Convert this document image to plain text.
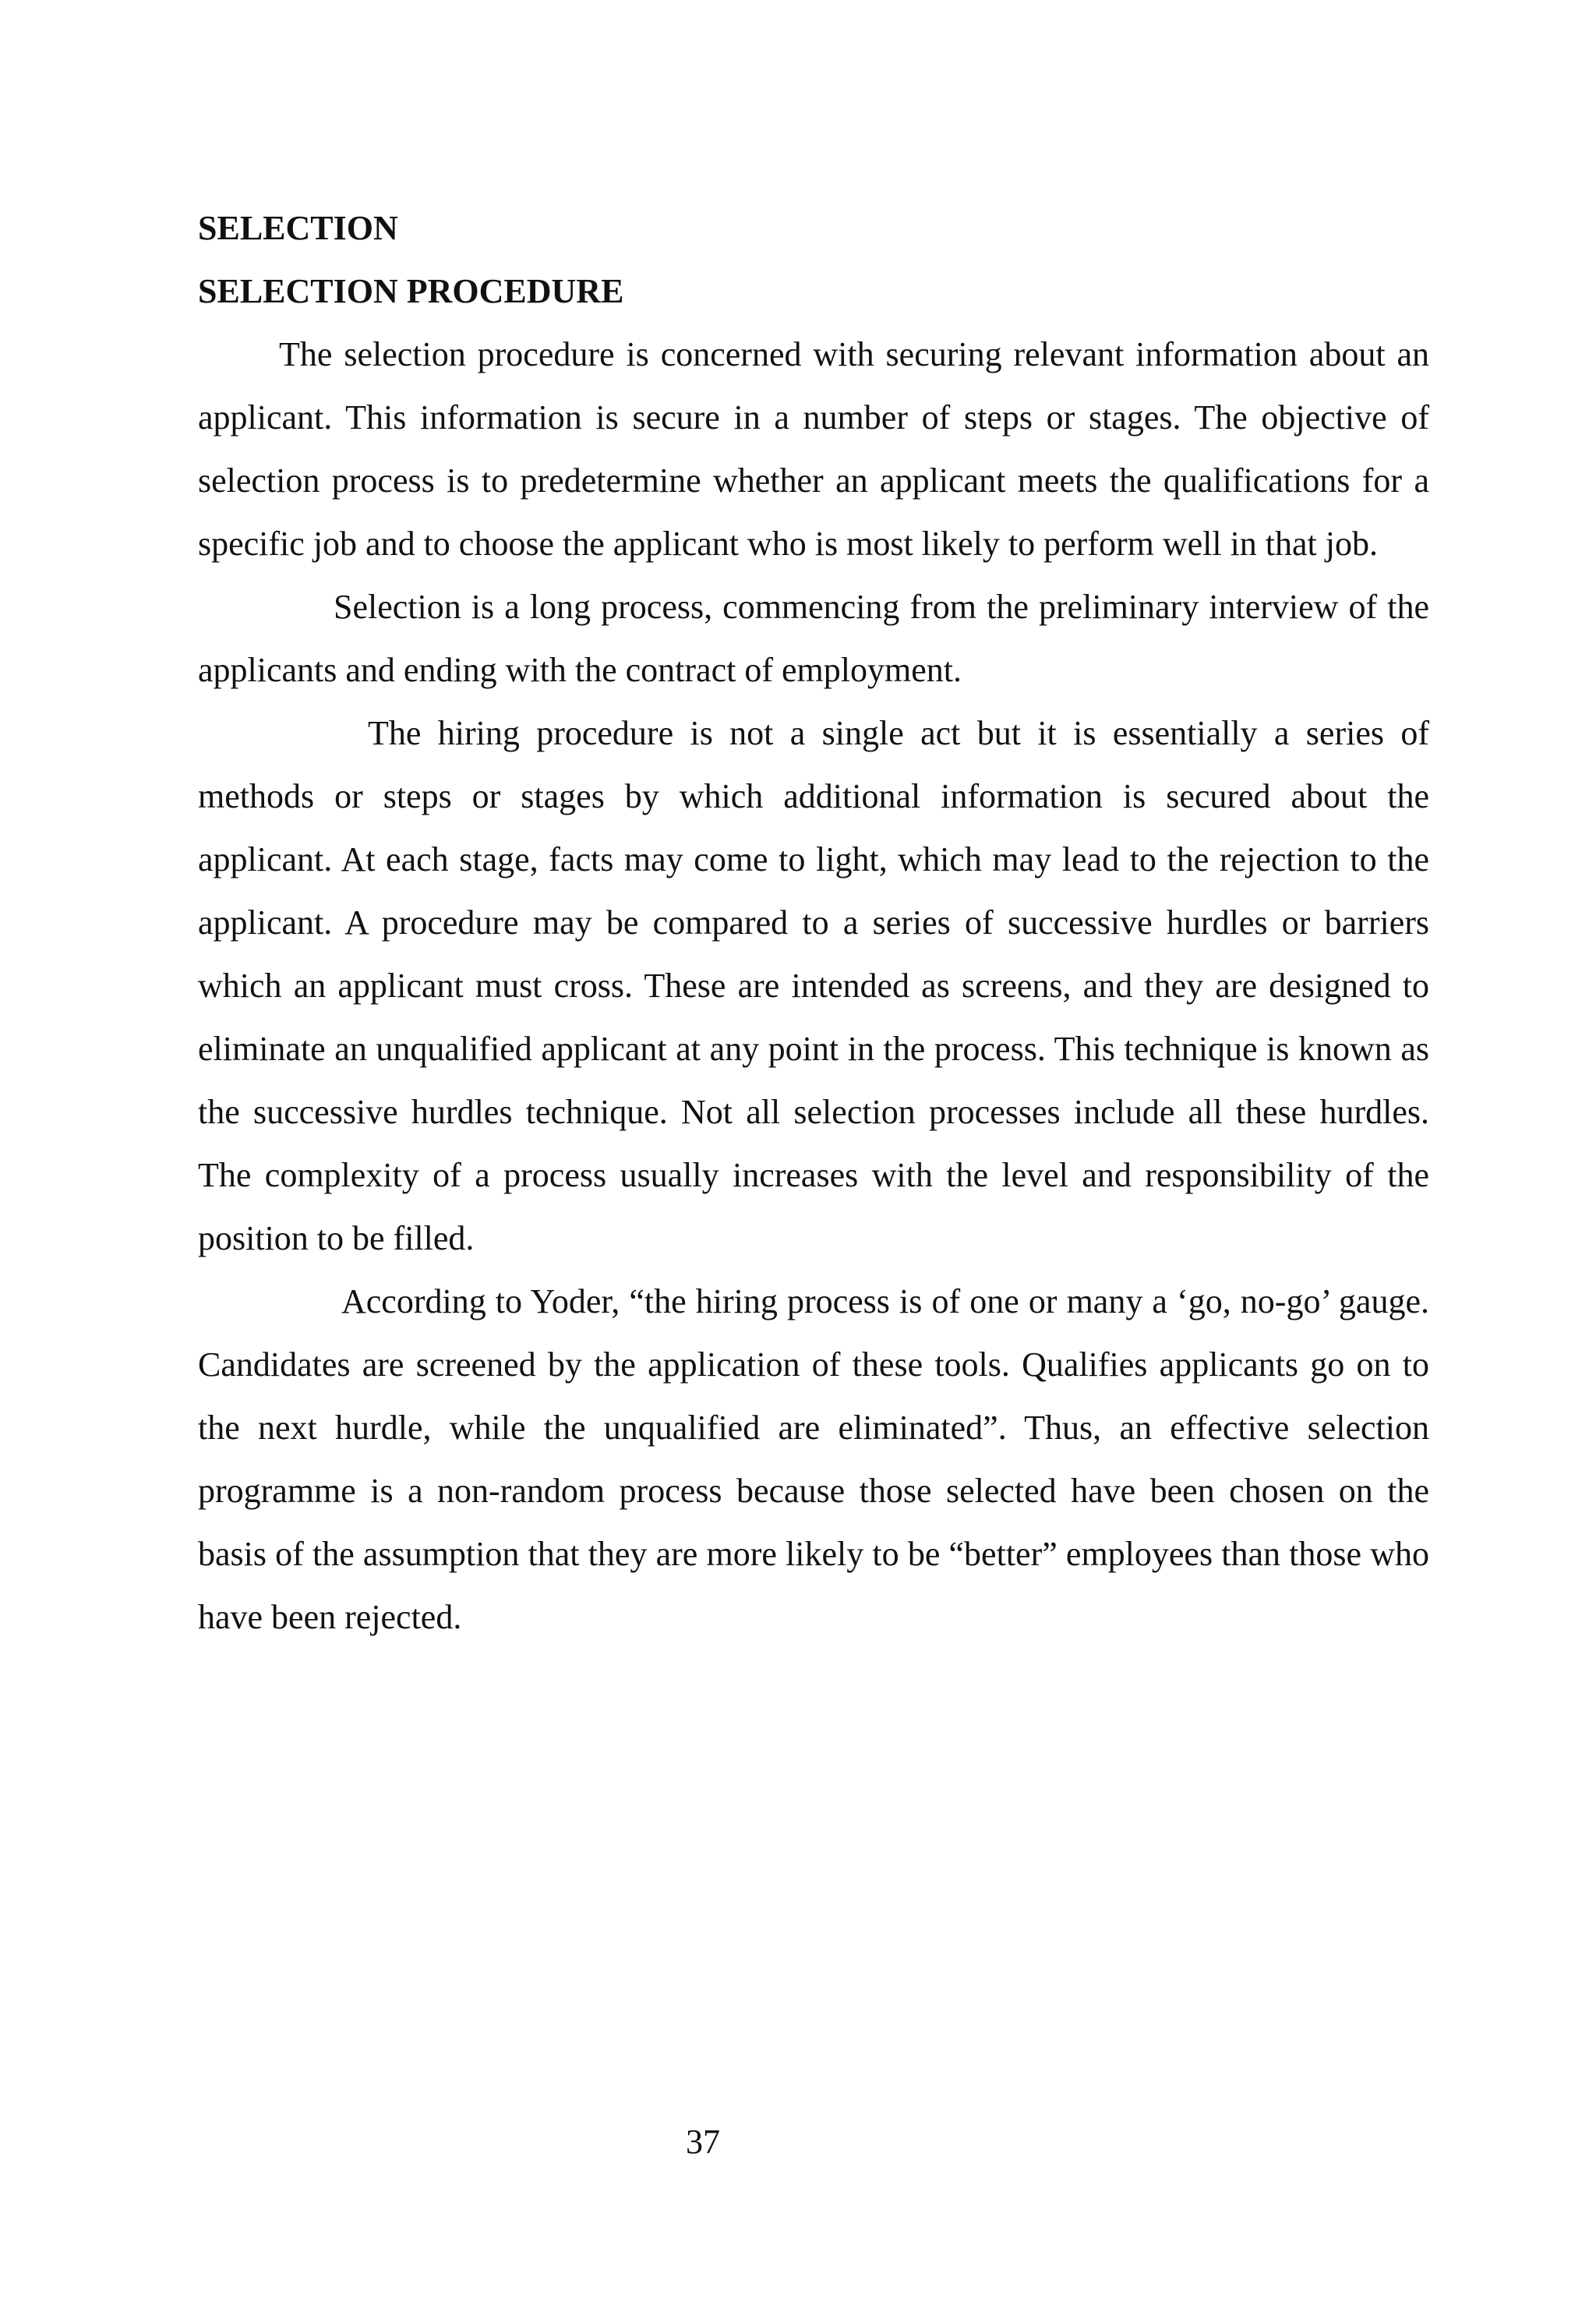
SELECTION
SELECTION PROCEDURE

The selection procedure is concerned with securing relevant information about an applicant. This information is secure in a number of steps or stages. The objective of selection process is to predetermine whether an applicant meets the qualifications for a specific job and to choose the applicant who is most likely to perform well in that job.

Selection is a long process, commencing from the preliminary interview of the applicants and ending with the contract of employment.

The hiring procedure is not a single act but it is essentially a series of methods or steps or stages by which additional information is secured about the applicant. At each stage, facts may come to light, which may lead to the rejection to the applicant. A procedure may be compared to a series of successive hurdles or barriers which an applicant must cross. These are intended as screens, and they are designed to eliminate an unqualified applicant at any point in the process. This technique is known as the successive hurdles technique. Not all selection processes include all these hurdles. The complexity of a process usually increases with the level and responsibility of the position to be filled.

According to Yoder, “the hiring process is of one or many a ‘go, no-go’ gauge. Candidates are screened by the application of these tools. Qualifies applicants go on to the next hurdle, while the unqualified are eliminated”. Thus, an effective selection programme is a non-random process because those selected have been chosen on the basis of the assumption that they are more likely to be “better” employees than those who have been rejected.

37
